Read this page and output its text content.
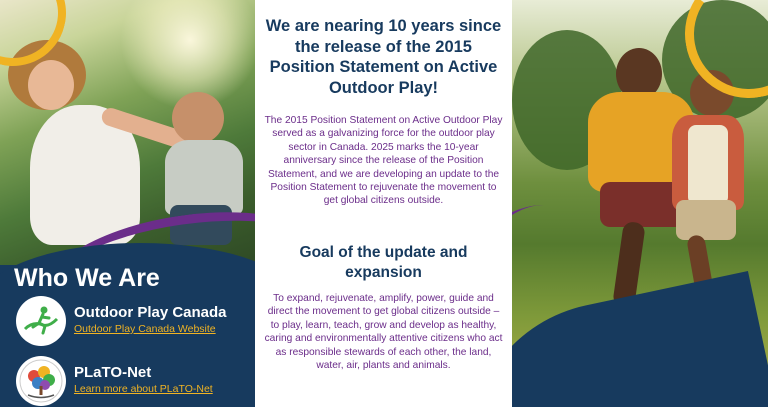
Who We Are
Outdoor Play Canada
Outdoor Play Canada Website
PLaTO-Net
Learn more about PLaTO-Net
We are nearing 10 years since the release of the 2015 Position Statement on Active Outdoor Play!

The 2015 Position Statement on Active Outdoor Play served as a galvanizing force for the outdoor play sector in Canada. 2025 marks the 10-year anniversary since the release of the Position Statement, and we are developing an update to the Position Statement to rejuvenate the movement to get global citizens outside.

Goal of the update and expansion

To expand, rejuvenate, amplify, power, guide and direct the movement to get global citizens outside – to play, learn, teach, grow and develop as healthy, caring and environmentally attentive citizens who act as responsible stewards of each other, the land, water, air, plants and animals.
